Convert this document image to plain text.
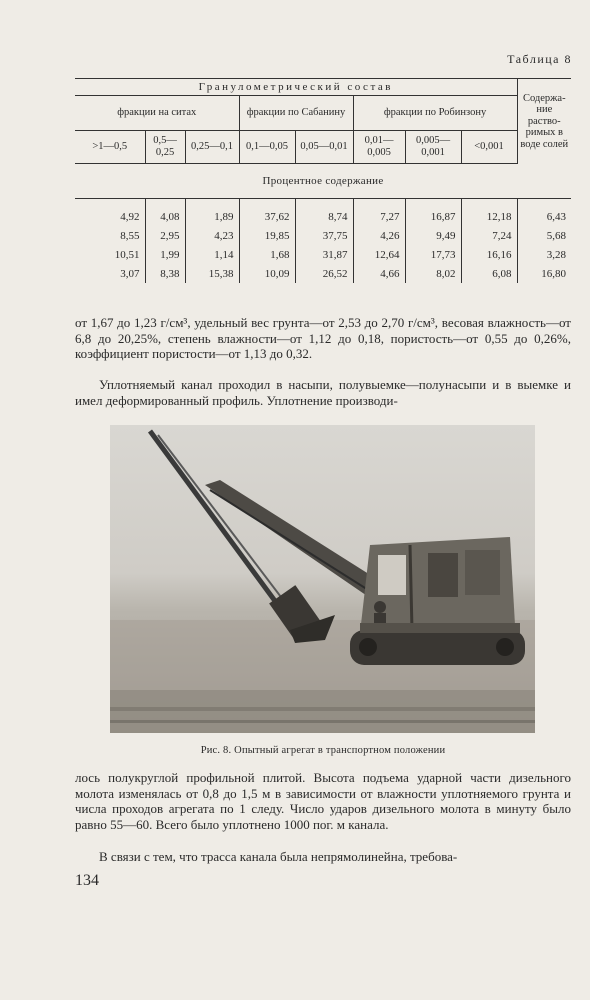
Таблица 8
Гранулометрический состав								Содержа-ние раство-римых в воде солей
фракции на ситах			фракции по Сабанину		фракции по Робинзону			
>1—0,5	0,5—0,25	0,25—0,1	0,1—0,05	0,05—0,01	0,01—0,005	0,005—0,001	<0,001	
Процентное содержание								
4,92	4,08	1,89	37,62	8,74	7,27	16,87	12,18	6,43
8,55	2,95	4,23	19,85	37,75	4,26	9,49	7,24	5,68
10,51	1,99	1,14	1,68	31,87	12,64	17,73	16,16	3,28
3,07	8,38	15,38	10,09	26,52	4,66	8,02	6,08	16,80
от 1,67 до 1,23 г/см³, удельный вес грунта—от 2,53 до 2,70 г/см³, весовая влажность—от 6,8 до 20,25%, степень влажности—от 1,12 до 0,18, пористость—от 0,55 до 0,26%, коэффициент пористости—от 1,13 до 0,32.
Уплотняемый канал проходил в насыпи, полувыемке—полунасыпи и в выемке и имел деформированный профиль. Уплотнение производи-
Рис. 8. Опытный агрегат в транспортном положении
лось полукруглой профильной плитой. Высота подъема ударной части дизельного молота изменялась от 0,8 до 1,5 м в зависимости от влажности уплотняемого грунта и числа проходов агрегата по 1 следу. Число ударов дизельного молота в минуту было равно 55—60. Всего было уплотнено 1000 пог. м канала.
В связи с тем, что трасса канала была непрямолинейна, требова-
134
